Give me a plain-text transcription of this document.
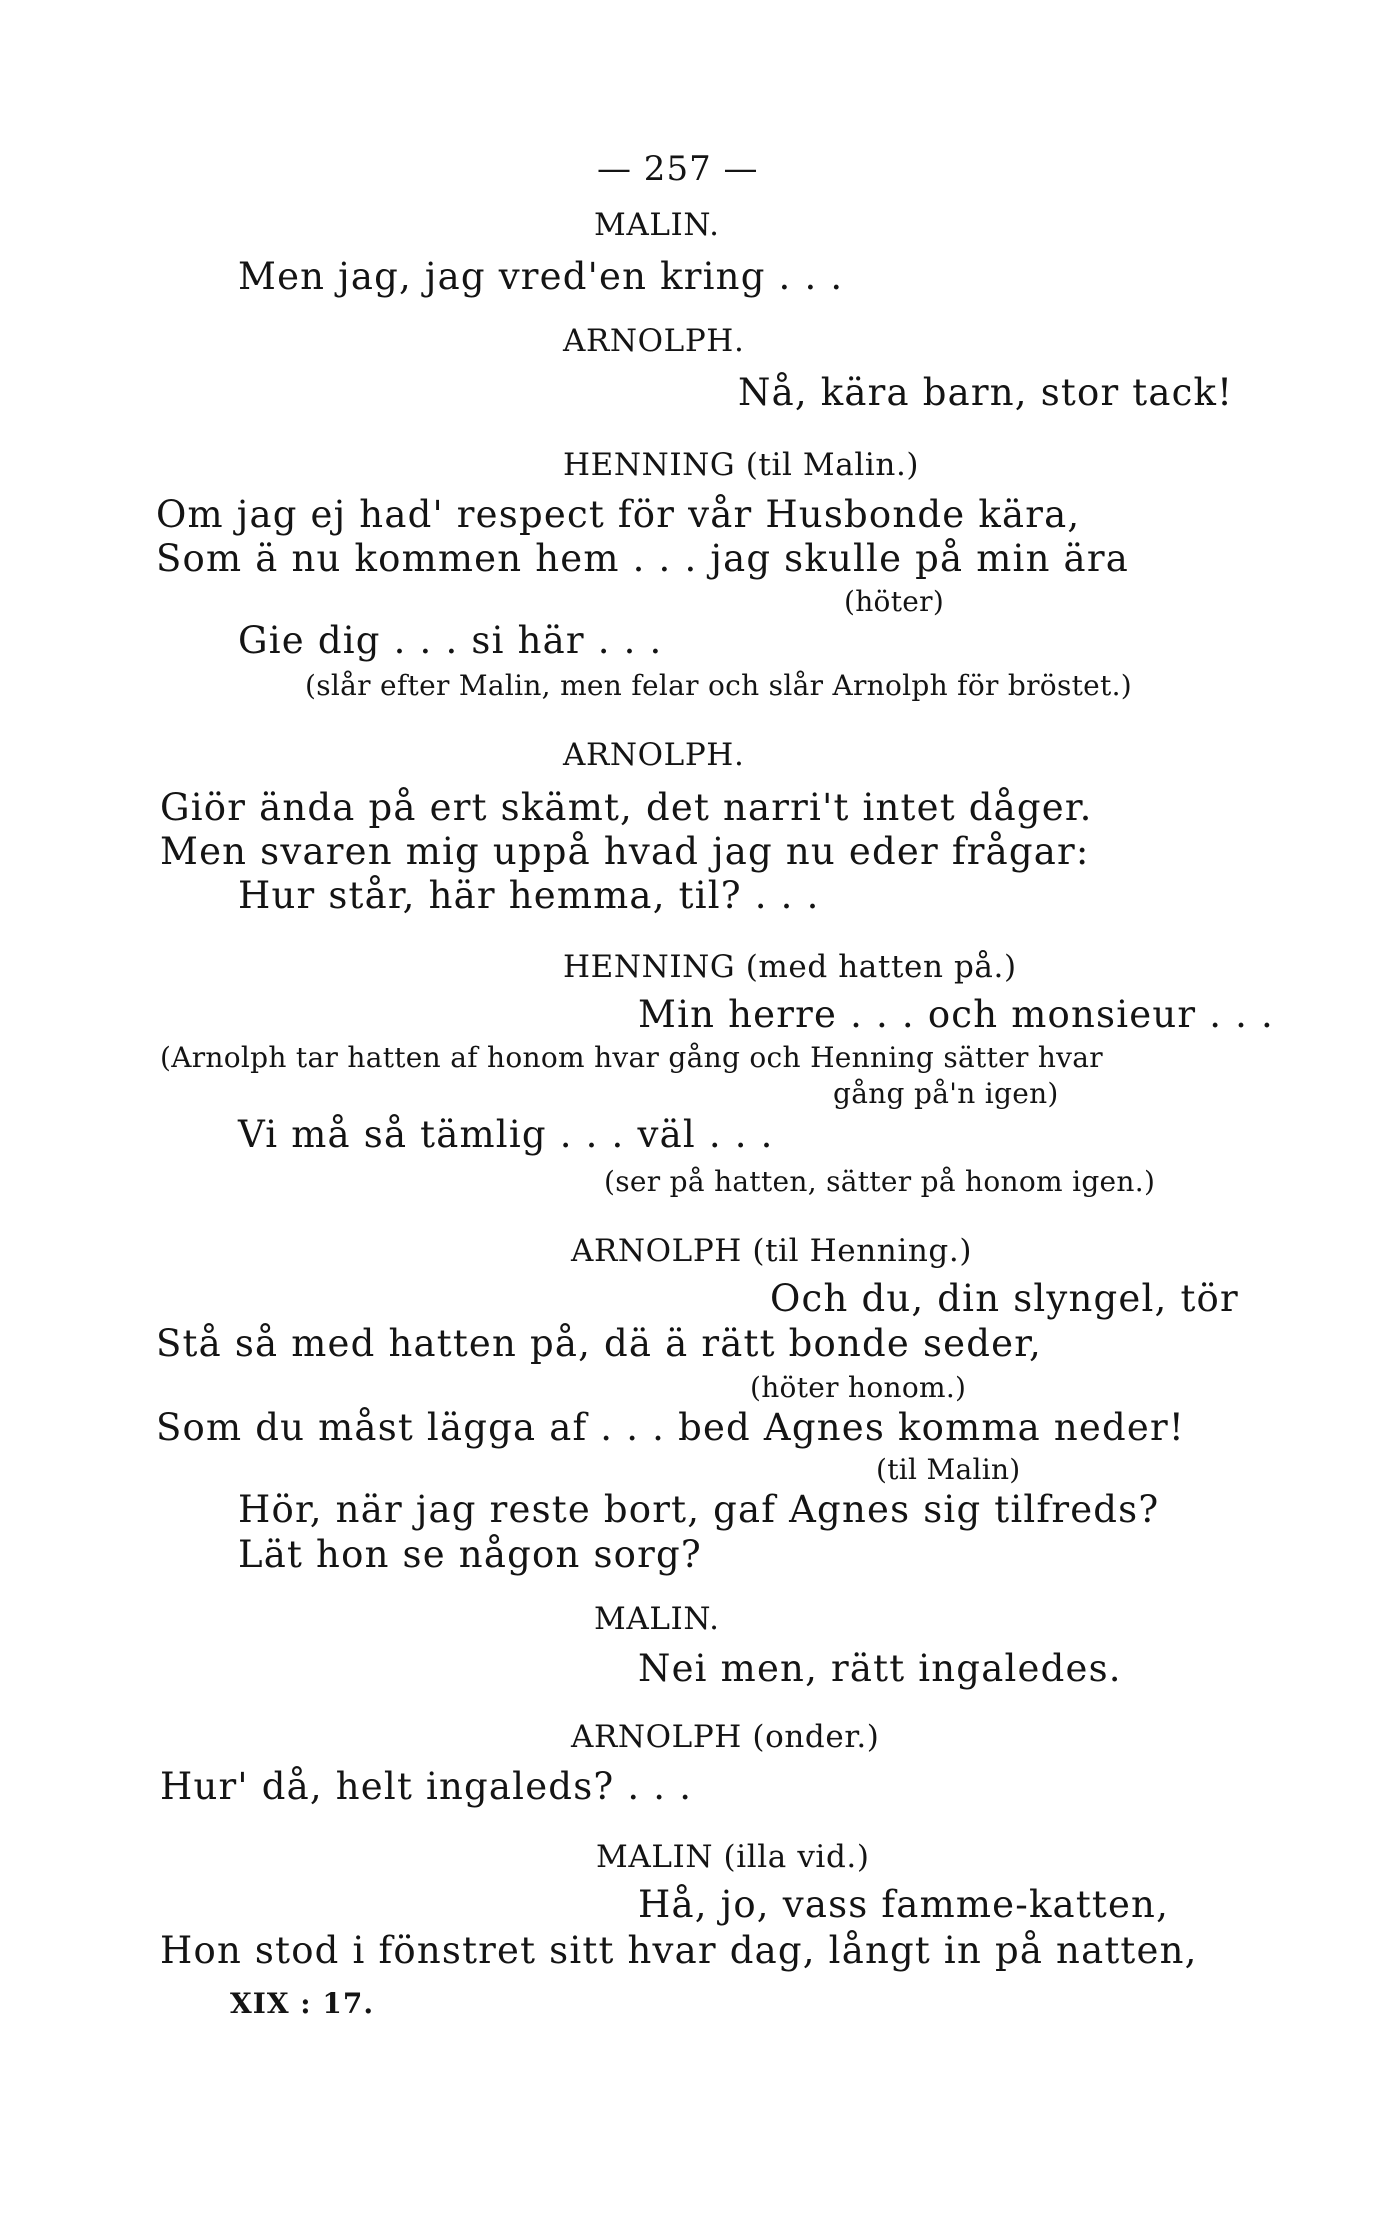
— 257 —
MALIN.
Men jag, jag vred'en kring . . .
ARNOLPH.
Nå, kära barn, stor tack!
HENNING (til Malin.)
Om jag ej had' respect för vår Husbonde kära,
Som ä nu kommen hem . . . jag skulle på min ära
(höter)
Gie dig . . . si här . . .
(slår efter Malin, men felar och slår Arnolph för bröstet.)
ARNOLPH.
Giör ända på ert skämt, det narri't intet dåger.
Men svaren mig uppå hvad jag nu eder frågar:
Hur står, här hemma, til? . . .
HENNING (med hatten på.)
Min herre . . . och monsieur . . .
(Arnolph tar hatten af honom hvar gång och Henning sätter hvar
gång på'n igen)
Vi må så tämlig . . . väl . . .
(ser på hatten, sätter på honom igen.)
ARNOLPH (til Henning.)
Och du, din slyngel, tör
Stå så med hatten på, dä ä rätt bonde seder,
(höter honom.)
Som du måst lägga af . . . bed Agnes komma neder!
(til Malin)
Hör, när jag reste bort, gaf Agnes sig tilfreds?
Lät hon se någon sorg?
MALIN.
Nei men, rätt ingaledes.
ARNOLPH (onder.)
Hur' då, helt ingaleds? . . .
MALIN (illa vid.)
Hå, jo, vass famme-katten,
Hon stod i fönstret sitt hvar dag, långt in på natten,
XIX : 17.
